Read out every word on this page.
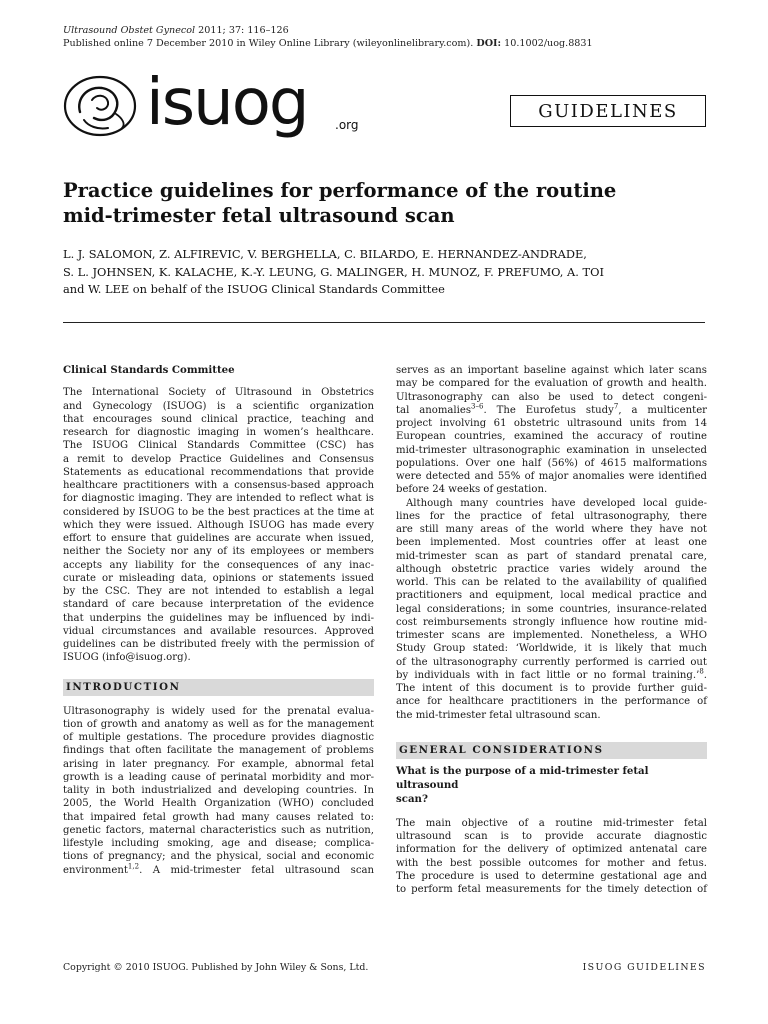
Ultrasound Obstet Gynecol 2011; 37: 116–126
Published online 7 December 2010 in Wiley Online Library (wileyonlinelibrary.com). DOI: 10.1002/uog.8831
isuog .org
GUIDELINES
Practice guidelines for performance of the routine
mid-trimester fetal ultrasound scan
L. J. SALOMON, Z. ALFIREVIC, V. BERGHELLA, C. BILARDO, E. HERNANDEZ-ANDRADE,
S. L. JOHNSEN, K. KALACHE, K.-Y. LEUNG, G. MALINGER, H. MUNOZ, F. PREFUMO, A. TOI
and W. LEE on behalf of the ISUOG Clinical Standards Committee
Clinical Standards Committee

The International Society of Ultrasound in Obstetrics
and Gynecology (ISUOG) is a scientific organization
that encourages sound clinical practice, teaching and
research for diagnostic imaging in women’s healthcare.
The ISUOG Clinical Standards Committee (CSC) has
a remit to develop Practice Guidelines and Consensus
Statements as educational recommendations that provide
healthcare practitioners with a consensus-based approach
for diagnostic imaging. They are intended to reflect what is
considered by ISUOG to be the best practices at the time at
which they were issued. Although ISUOG has made every
effort to ensure that guidelines are accurate when issued,
neither the Society nor any of its employees or members
accepts any liability for the consequences of any inac-
curate or misleading data, opinions or statements issued
by the CSC. They are not intended to establish a legal
standard of care because interpretation of the evidence
that underpins the guidelines may be influenced by indi-
vidual circumstances and available resources. Approved
guidelines can be distributed freely with the permission of
ISUOG (info@isuog.org).

INTRODUCTION

Ultrasonography is widely used for the prenatal evalua-
tion of growth and anatomy as well as for the management
of multiple gestations. The procedure provides diagnostic
findings that often facilitate the management of problems
arising in later pregnancy. For example, abnormal fetal
growth is a leading cause of perinatal morbidity and mor-
tality in both industrialized and developing countries. In
2005, the World Health Organization (WHO) concluded
that impaired fetal growth had many causes related to:
genetic factors, maternal characteristics such as nutrition,
lifestyle including smoking, age and disease; complica-
tions of pregnancy; and the physical, social and economic

environment$^{1,2}$. A mid-trimester fetal ultrasound scan

serves as an important baseline against which later scans
may be compared for the evaluation of growth and health.
Ultrasonography can also be used to detect congeni-
tal anomalies$^{3-6}$. The Eurofetus study$^7$, a multicenter
project involving 61 obstetric ultrasound units from 14
European countries, examined the accuracy of routine
mid-trimester ultrasonographic examination in unselected
populations. Over one half (56%) of 4615 malformations
were detected and 55% of major anomalies were identified
before 24 weeks of gestation.

Although many countries have developed local guide-
lines for the practice of fetal ultrasonography, there
are still many areas of the world where they have not
been implemented. Most countries offer at least one
mid-trimester scan as part of standard prenatal care,
although obstetric practice varies widely around the
world. This can be related to the availability of qualified
practitioners and equipment, local medical practice and
legal considerations; in some countries, insurance-related
cost reimbursements strongly influence how routine mid-
trimester scans are implemented. Nonetheless, a WHO
Study Group stated: ‘Worldwide, it is likely that much
of the ultrasonography currently performed is carried out
by individuals with in fact little or no formal training.’$^8$.
The intent of this document is to provide further guid-
ance for healthcare practitioners in the performance of
the mid-trimester fetal ultrasound scan.

GENERAL CONSIDERATIONS
What is the purpose of a mid-trimester fetal ultrasound
scan?

The main objective of a routine mid-trimester fetal
ultrasound scan is to provide accurate diagnostic
information for the delivery of optimized antenatal care
with the best possible outcomes for mother and fetus.
The procedure is used to determine gestational age and
to perform fetal measurements for the timely detection of

Copyright © 2010 ISUOG. Published by John Wiley & Sons, Ltd.	ISUOG GUIDELINES
